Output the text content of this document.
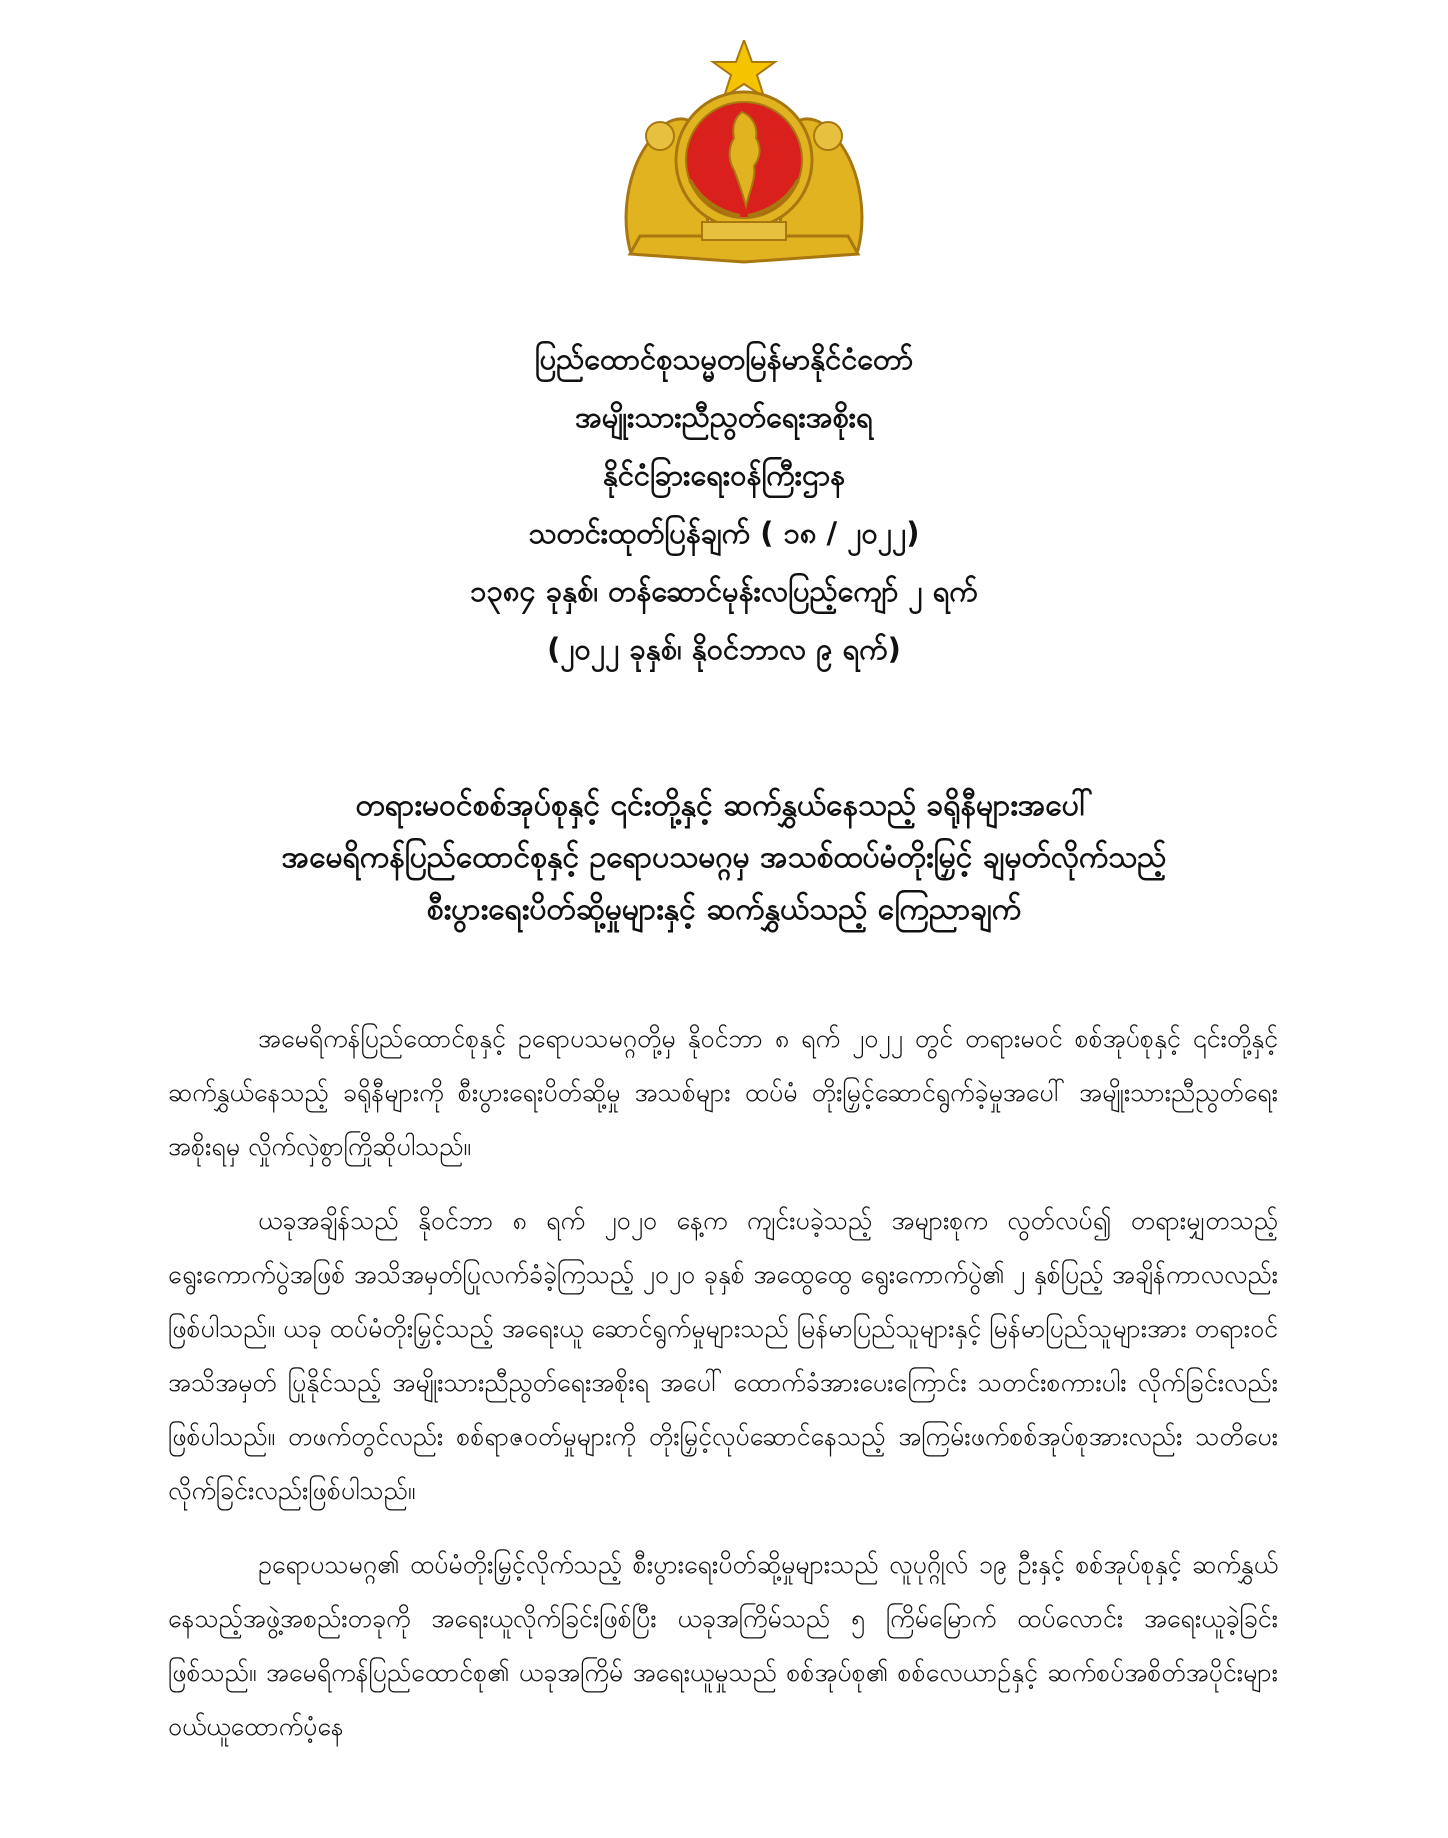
ပြည်ထောင်စုသမ္မတမြန်မာနိုင်ငံတော်
အမျိုးသားညီညွတ်ရေးအစိုးရ
နိုင်ငံခြားရေးဝန်ကြီးဌာန
သတင်းထုတ်ပြန်ချက် ( ၁၈ / ၂၀၂၂)
၁၃၈၄ ခုနှစ်၊ တန်ဆောင်မုန်းလပြည့်ကျော် ၂ ရက်
(၂၀၂၂ ခုနှစ်၊ နိုဝင်ဘာလ ၉ ရက်)
တရားမဝင်စစ်အုပ်စုနှင့် ၎င်းတို့နှင့် ဆက်နွှယ်နေသည့် ခရိုနီများအပေါ်
အမေရိကန်ပြည်ထောင်စုနှင့် ဥရောပသမဂ္ဂမှ အသစ်ထပ်မံတိုးမြှင့် ချမှတ်လိုက်သည့်
စီးပွားရေးပိတ်ဆို့မှုများနှင့် ဆက်နွှယ်သည့် ကြေညာချက်

အမေရိကန်ပြည်ထောင်စုနှင့် ဥရောပသမဂ္ဂတို့မှ နိုဝင်ဘာ ၈ ရက် ၂၀၂၂ တွင် တရားမဝင် စစ်အုပ်စုနှင့် ၎င်းတို့နှင့်ဆက်နွှယ်နေသည့် ခရိုနီများကို စီးပွားရေးပိတ်ဆို့မှု အသစ်များ ထပ်မံ တိုးမြှင့်ဆောင်ရွက်ခဲ့မှုအပေါ် အမျိုးသားညီညွတ်ရေးအစိုးရမှ လှိုက်လှဲစွာကြိုဆိုပါသည်။

ယခုအချိန်သည် နိုဝင်ဘာ ၈ ရက် ၂၀၂၀ နေ့က ကျင်းပခဲ့သည့် အများစုက လွတ်လပ်၍ တရားမျှတသည့် ရွေးကောက်ပွဲအဖြစ် အသိအမှတ်ပြုလက်ခံခဲ့ကြသည့် ၂၀၂၀ ခုနှစ် အထွေထွေ ရွေးကောက်ပွဲ၏ ၂ နှစ်ပြည့် အချိန်ကာလလည်းဖြစ်ပါသည်။ ယခု ထပ်မံတိုးမြှင့်သည့် အရေးယူ ဆောင်ရွက်မှုများသည် မြန်မာပြည်သူများနှင့် မြန်မာပြည်သူများအား တရားဝင်အသိအမှတ် ပြုနိုင်သည့် အမျိုးသားညီညွတ်ရေးအစိုးရ အပေါ် ထောက်ခံအားပေးကြောင်း သတင်းစကားပါး လိုက်ခြင်းလည်းဖြစ်ပါသည်။ တဖက်တွင်လည်း စစ်ရာဇဝတ်မှုများကို တိုးမြှင့်လုပ်ဆောင်နေသည့် အကြမ်းဖက်စစ်အုပ်စုအားလည်း သတိပေးလိုက်ခြင်းလည်းဖြစ်ပါသည်။

ဥရောပသမဂ္ဂ၏ ထပ်မံတိုးမြှင့်လိုက်သည့် စီးပွားရေးပိတ်ဆို့မှုများသည် လူပုဂ္ဂိုလ် ၁၉ ဦးနှင့် စစ်အုပ်စုနှင့် ဆက်နွှယ်နေသည့်အဖွဲ့အစည်းတခုကို အရေးယူလိုက်ခြင်းဖြစ်ပြီး ယခုအကြိမ်သည် ၅ ကြိမ်မြောက် ထပ်လောင်း အရေးယူခဲ့ခြင်းဖြစ်သည်။ အမေရိကန်ပြည်ထောင်စု၏ ယခုအကြိမ် အရေးယူမှုသည် စစ်အုပ်စု၏ စစ်လေယာဉ်နှင့် ဆက်စပ်အစိတ်အပိုင်းများ ဝယ်ယူထောက်ပံ့နေ
